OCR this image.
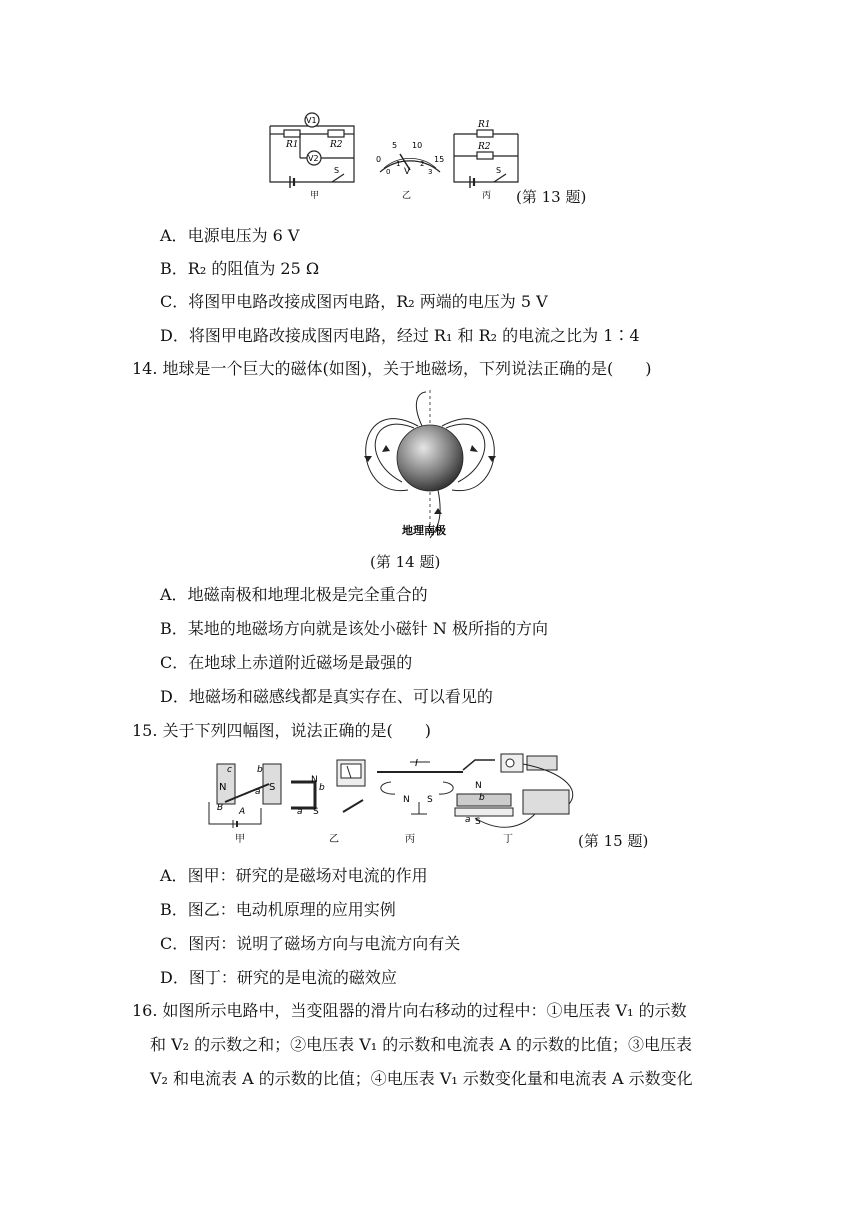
V1
V2
R1	R2
S
甲
0
5 10
15
0
1	2
3
V
乙
R1
R2
S
丙 (第 13 题)
A．电源电压为 6 V
B．R₂ 的阻值为 25 Ω
C．将图甲电路改接成图丙电路，R₂ 两端的电压为 5 V
D．将图甲电路改接成图丙电路，经过 R₁ 和 R₂ 的电流之比为 1∶4
14. 地球是一个巨大的磁体(如图)，关于地磁场，下列说法正确的是(　　)
地理南极
(第 14 题)
A．地磁南极和地理北极是完全重合的
B．某地的地磁场方向就是该处小磁针 N 极所指的方向
C．在地球上赤道附近磁场是最强的
D．地磁场和磁感线都是真实存在、可以看见的
15. 关于下列四幅图，说法正确的是(　　)
N	S
c	b
a
B A
N
b
a S
I
N S
N
b
a S
甲	乙	丙	丁	(第 15 题)
A．图甲：研究的是磁场对电流的作用
B．图乙：电动机原理的应用实例
C．图丙：说明了磁场方向与电流方向有关
D．图丁：研究的是电流的磁效应
16. 如图所示电路中，当变阻器的滑片向右移动的过程中：①电压表 V₁ 的示数
和 V₂ 的示数之和；②电压表 V₁ 的示数和电流表 A 的示数的比值；③电压表
V₂ 和电流表 A 的示数的比值；④电压表 V₁ 示数变化量和电流表 A 示数变化
